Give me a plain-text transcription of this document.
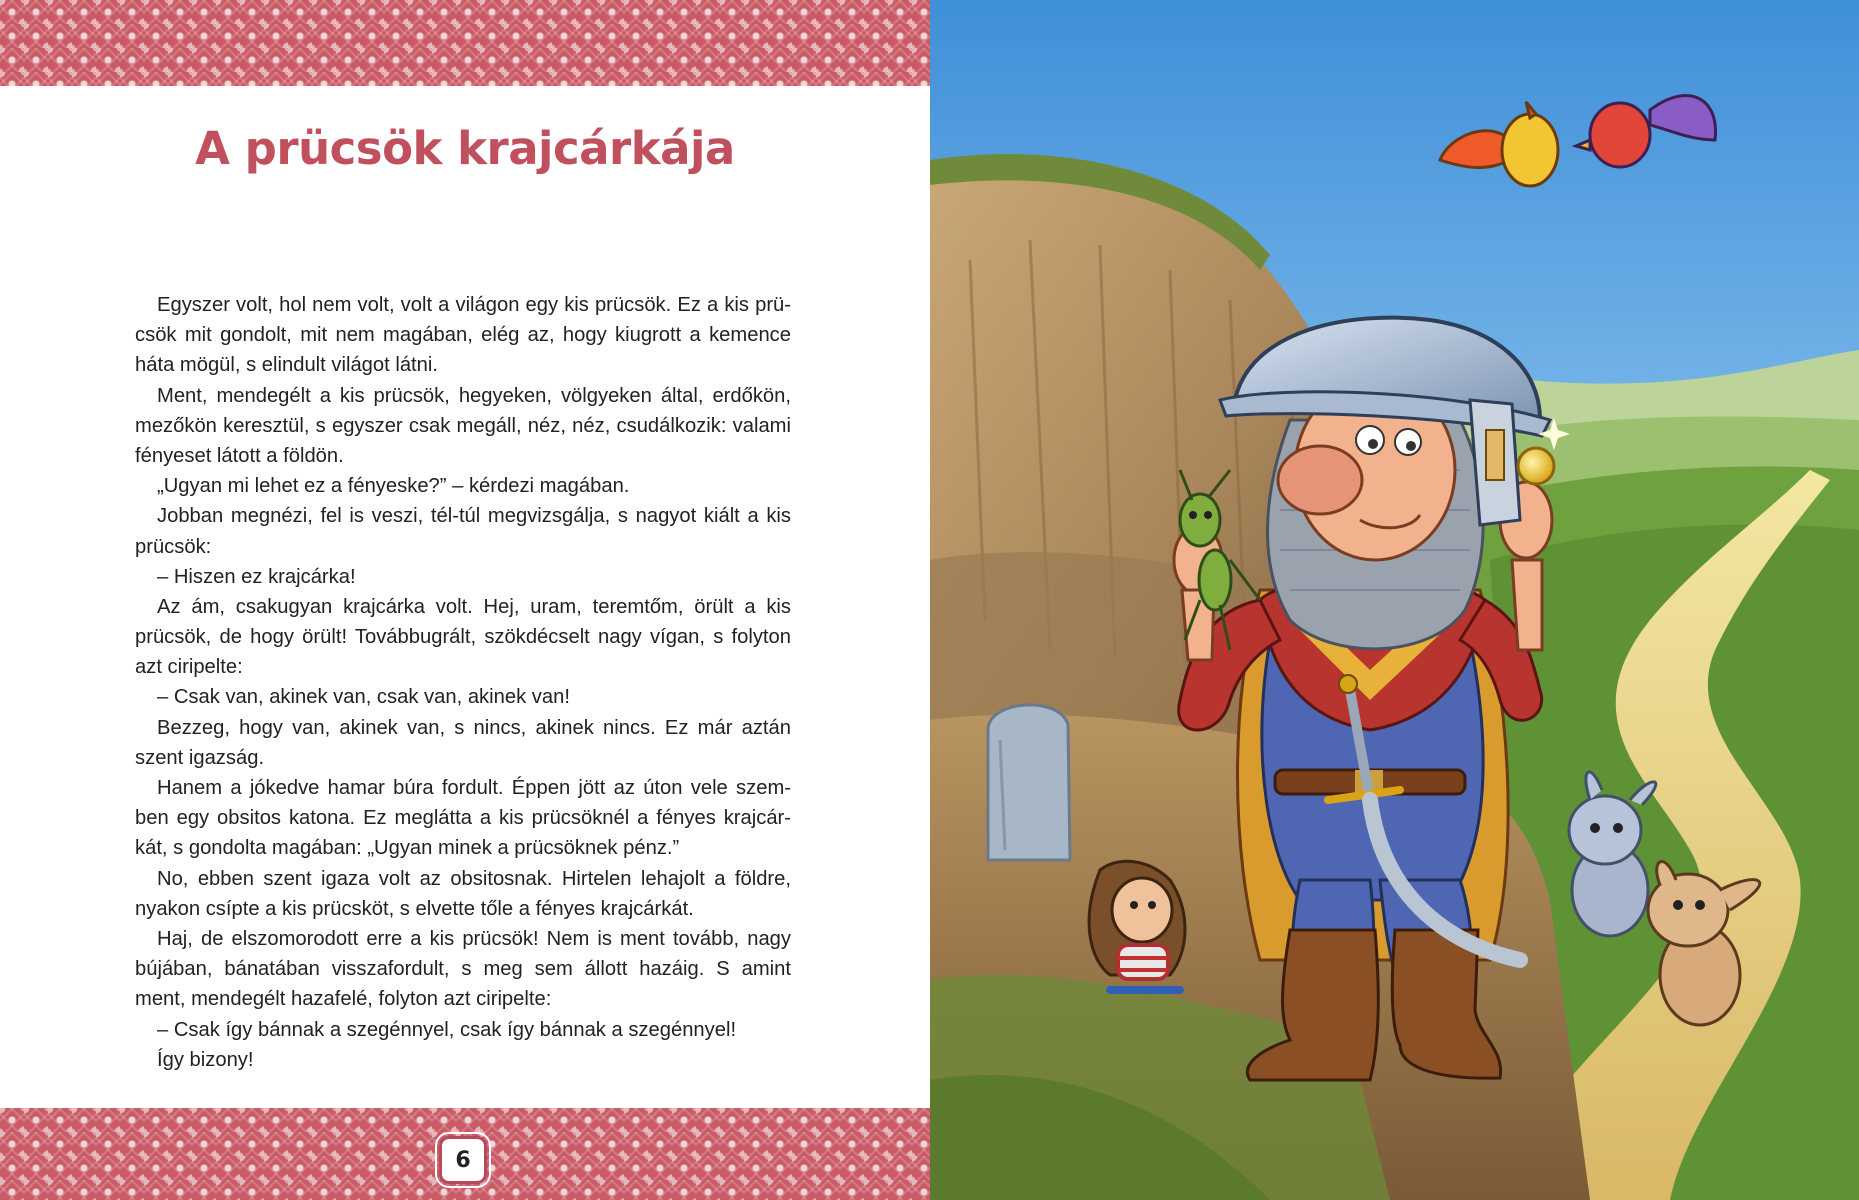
A prücsök krajcárkája
Egyszer volt, hol nem volt, volt a világon egy kis prücsök. Ez a kis prü-
csök mit gondolt, mit nem magában, elég az, hogy kiugrott a kemence
háta mögül, s elindult világot látni.
Ment, mendegélt a kis prücsök, hegyeken, völgyeken által, erdőkön,
mezőkön keresztül, s egyszer csak megáll, néz, néz, csudálkozik: valami
fényeset látott a földön.
„Ugyan mi lehet ez a fényeske?” – kérdezi magában.
Jobban megnézi, fel is veszi, tél-túl megvizsgálja, s nagyot kiált a kis
prücsök:
– Hiszen ez krajcárka!
Az ám, csakugyan krajcárka volt. Hej, uram, teremtőm, örült a kis
prücsök, de hogy örült! Továbbugrált, szökdécselt nagy vígan, s folyton
azt ciripelte:
– Csak van, akinek van, csak van, akinek van!
Bezzeg, hogy van, akinek van, s nincs, akinek nincs. Ez már aztán
szent igazság.
Hanem a jókedve hamar búra fordult. Éppen jött az úton vele szem-
ben egy obsitos katona. Ez meglátta a kis prücsöknél a fényes krajcár-
kát, s gondolta magában: „Ugyan minek a prücsöknek pénz.”
No, ebben szent igaza volt az obsitosnak. Hirtelen lehajolt a földre,
nyakon csípte a kis prücsköt, s elvette tőle a fényes krajcárkát.
Haj, de elszomorodott erre a kis prücsök! Nem is ment tovább, nagy
bújában, bánatában visszafordult, s meg sem állott hazáig. S amint
ment, mendegélt hazafelé, folyton azt ciripelte:
– Csak így bánnak a szegénnyel, csak így bánnak a szegénnyel!
Így bizony!
6
